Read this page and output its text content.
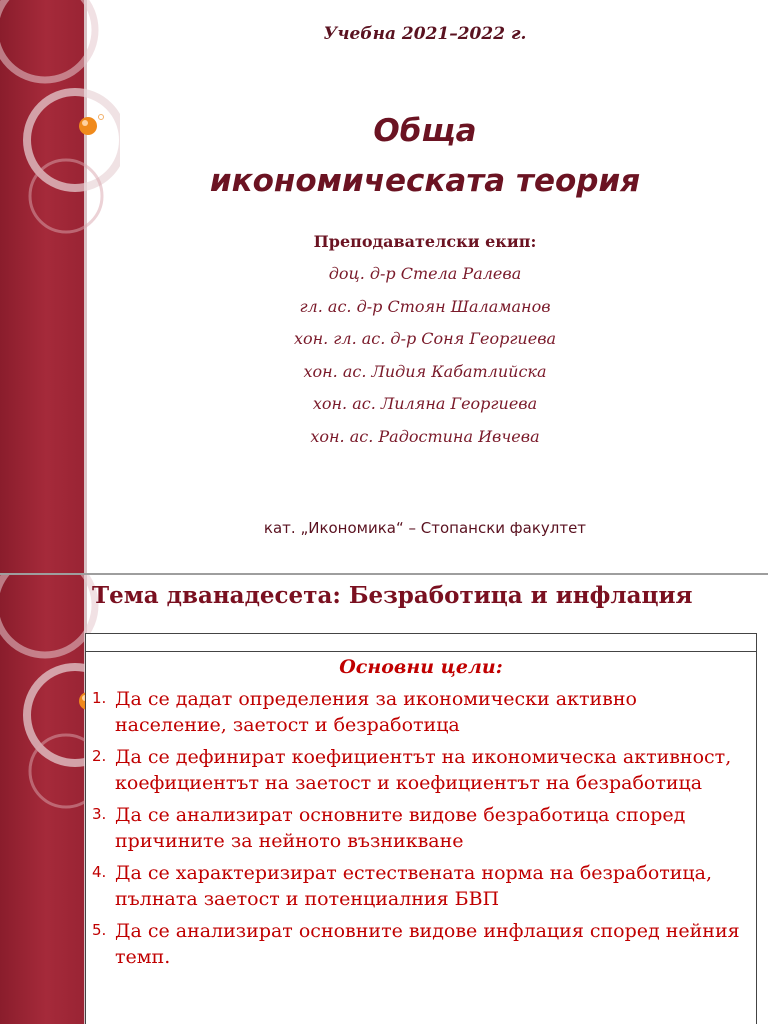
Учебна 2021–2022 г.
Обща
икономическата теория
Преподавателски екип:
доц. д-р Стела Ралева
гл. ас. д-р Стоян Шаламанов
хон. гл. ас. д-р Соня Георгиева
хон. ас. Лидия Кабатлийска
хон. ас. Лиляна Георгиева
хон. ас. Радостина Ивчева
кат. „Икономика“ – Стопански факултет
Тема дванадесета: Безработица и инфлация
Основни цели:
1. Да се дадат определения за икономически активно население, заетост и безработица
2. Да се дефинират коефициентът на икономическа активност, коефициентът на заетост и коефициентът на безработица
3. Да се анализират основните видове безработица според причините за нейното възникване
4. Да се характеризират естествената норма на безработица, пълната заетост и потенциалния БВП
5. Да се анализират основните видове инфлация според нейния темп.
